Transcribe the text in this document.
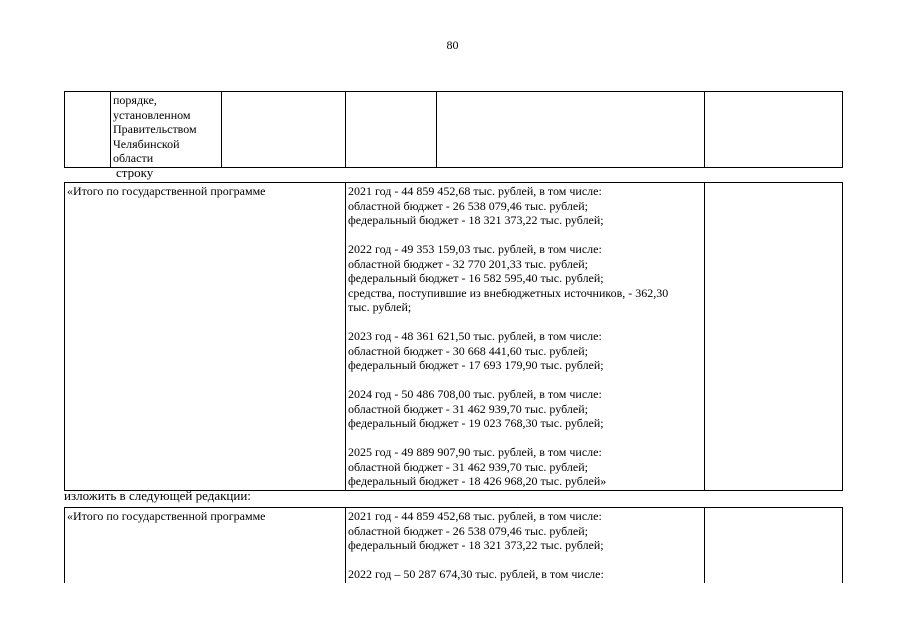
80

порядке,
установленном
Правительством
Челябинской
области

строку
«Итого по государственной программе	2021 год - 44 859 452,68 тыс. рублей, в том числе:
областной бюджет - 26 538 079,46 тыс. рублей;
федеральный бюджет - 18 321 373,22 тыс. рублей;
2022 год - 49 353 159,03 тыс. рублей, в том числе:
областной бюджет - 32 770 201,33 тыс. рублей;
федеральный бюджет - 16 582 595,40 тыс. рублей;
средства, поступившие из внебюджетных источников, - 362,30
тыс. рублей;
2023 год - 48 361 621,50 тыс. рублей, в том числе:
областной бюджет - 30 668 441,60 тыс. рублей;
федеральный бюджет - 17 693 179,90 тыс. рублей;
2024 год - 50 486 708,00 тыс. рублей, в том числе:
областной бюджет - 31 462 939,70 тыс. рублей;
федеральный бюджет - 19 023 768,30 тыс. рублей;
2025 год - 49 889 907,90 тыс. рублей, в том числе:
областной бюджет - 31 462 939,70 тыс. рублей;
федеральный бюджет - 18 426 968,20 тыс. рублей»

изложить в следующей редакции:
«Итого по государственной программе	2021 год - 44 859 452,68 тыс. рублей, в том числе:
областной бюджет - 26 538 079,46 тыс. рублей;
федеральный бюджет - 18 321 373,22 тыс. рублей;
2022 год – 50 287 674,30 тыс. рублей, в том числе:
